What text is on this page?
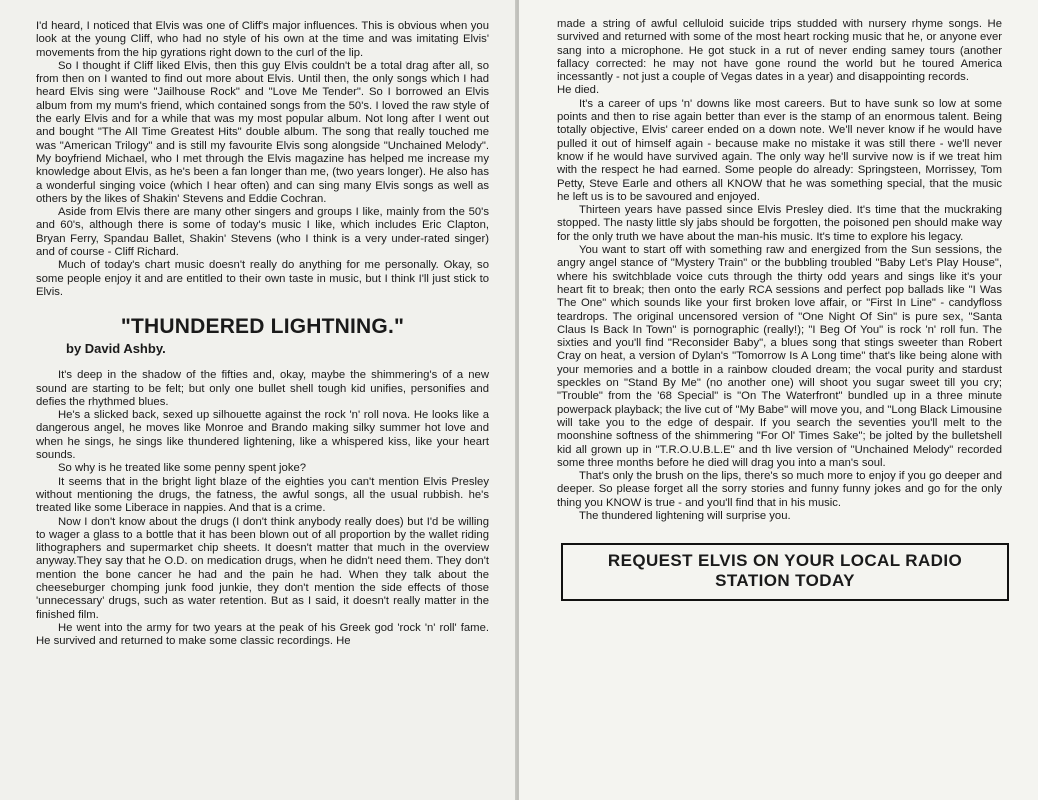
I'd heard, I noticed that Elvis was one of Cliff's major influences. This is obvious when you look at the young Cliff, who had no style of his own at the time and was imitating Elvis' movements from the hip gyrations right down to the curl of the lip.

So I thought if Cliff liked Elvis, then this guy Elvis couldn't be a total drag after all, so from then on I wanted to find out more about Elvis. Until then, the only songs which I had heard Elvis sing were "Jailhouse Rock" and "Love Me Tender". So I borrowed an Elvis album from my mum's friend, which contained songs from the 50's. I loved the raw style of the early Elvis and for a while that was my most popular album. Not long after I went out and bought "The All Time Greatest Hits" double album. The song that really touched me was "American Trilogy" and is still my favourite Elvis song alongside "Unchained Melody". My boyfriend Michael, who I met through the Elvis magazine has helped me increase my knowledge about Elvis, as he's been a fan longer than me, (two years longer). He also has a wonderful singing voice (which I hear often) and can sing many Elvis songs as well as others by the likes of Shakin' Stevens and Eddie Cochran.

Aside from Elvis there are many other singers and groups I like, mainly from the 50's and 60's, although there is some of today's music I like, which includes Eric Clapton, Bryan Ferry, Spandau Ballet, Shakin' Stevens (who I think is a very under-rated singer) and of course - Cliff Richard.

Much of today's chart music doesn't really do anything for me personally. Okay, so some people enjoy it and are entitled to their own taste in music, but I think I'll just stick to Elvis.

"THUNDERED LIGHTNING."
by David Ashby.

It's deep in the shadow of the fifties and, okay, maybe the shimmering's of a new sound are starting to be felt; but only one bullet shell tough kid unifies, personifies and defies the rhythmed blues.

He's a slicked back, sexed up silhouette against the rock 'n' roll nova. He looks like a dangerous angel, he moves like Monroe and Brando making silky summer hot love and when he sings, he sings like thundered lightening, like a whispered kiss, like your heart sounds.

So why is he treated like some penny spent joke?

It seems that in the bright light blaze of the eighties you can't mention Elvis Presley without mentioning the drugs, the fatness, the awful songs, all the usual rubbish. he's treated like some Liberace in nappies. And that is a crime.

Now I don't know about the drugs (I don't think anybody really does) but I'd be willing to wager a glass to a bottle that it has been blown out of all proportion by the wallet riding lithographers and supermarket chip sheets. It doesn't matter that much in the overview anyway.They say that he O.D. on medication drugs, when he didn't need them. They don't mention the bone cancer he had and the pain he had. When they talk about the cheeseburger chomping junk food junkie, they don't mention the side effects of those 'unnecessary' drugs, such as water retention. But as I said, it doesn't really matter in the finished film.

He went into the army for two years at the peak of his Greek god 'rock 'n' roll' fame. He survived and returned to make some classic recordings. He

made a string of awful celluloid suicide trips studded with nursery rhyme songs. He survived and returned with some of the most heart rocking music that he, or anyone ever sang into a microphone. He got stuck in a rut of never ending samey tours (another fallacy corrected: he may not have gone round the world but he toured America incessantly - not just a couple of Vegas dates in a year) and disappointing records.

He died.

It's a career of ups 'n' downs like most careers. But to have sunk so low at some points and then to rise again better than ever is the stamp of an enormous talent. Being totally objective, Elvis' career ended on a down note. We'll never know if he would have pulled it out of himself again - because make no mistake it was still there - we'll never know if he would have survived again. The only way he'll survive now is if we treat him with the respect he had earned. Some people do already: Springsteen, Morrissey, Tom Petty, Steve Earle and others all KNOW that he was something special, that the music he left us is to be savoured and enjoyed.

Thirteen years have passed since Elvis Presley died. It's time that the muckraking stopped. The nasty little sly jabs should be forgotten, the poisoned pen should make way for the only truth we have about the man-his music. It's time to explore his legacy.

You want to start off with something raw and energized from the Sun sessions, the angry angel stance of "Mystery Train" or the bubbling troubled "Baby Let's Play House", where his switchblade voice cuts through the thirty odd years and sings like it's your heart fit to break; then onto the early RCA sessions and perfect pop ballads like "I Was The One" which sounds like your first broken love affair, or "First In Line" - candyfloss teardrops. The original uncensored version of "One Night Of Sin" is pure sex, "Santa Claus Is Back In Town" is pornographic (really!); "I Beg Of You" is rock 'n' roll fun. The sixties and you'll find "Reconsider Baby", a blues song that stings sweeter than Robert Cray on heat, a version of Dylan's "Tomorrow Is A Long time" that's like being alone with your memories and a bottle in a rainbow clouded dream; the vocal purity and stardust speckles on "Stand By Me" (no another one) will shoot you sugar sweet till you cry; "Trouble" from the '68 Special" is "On The Waterfront" bundled up in a three minute powerpack playback; the live cut of "My Babe" will move you, and "Long Black Limousine will take you to the edge of despair. If you search the seventies you'll melt to the moonshine softness of the shimmering "For Ol' Times Sake"; be jolted by the bulletshell kid all grown up in "T.R.O.U.B.L.E" and th live version of "Unchained Melody" recorded some three months before he died will drag you into a man's soul.

That's only the brush on the lips, there's so much more to enjoy if you go deeper and deeper. So please forget all the sorry stories and funny funny jokes and go for the only thing you KNOW is true - and you'll find that in his music.

The thundered lightening will surprise you.

REQUEST ELVIS ON YOUR LOCAL RADIO
STATION TODAY
